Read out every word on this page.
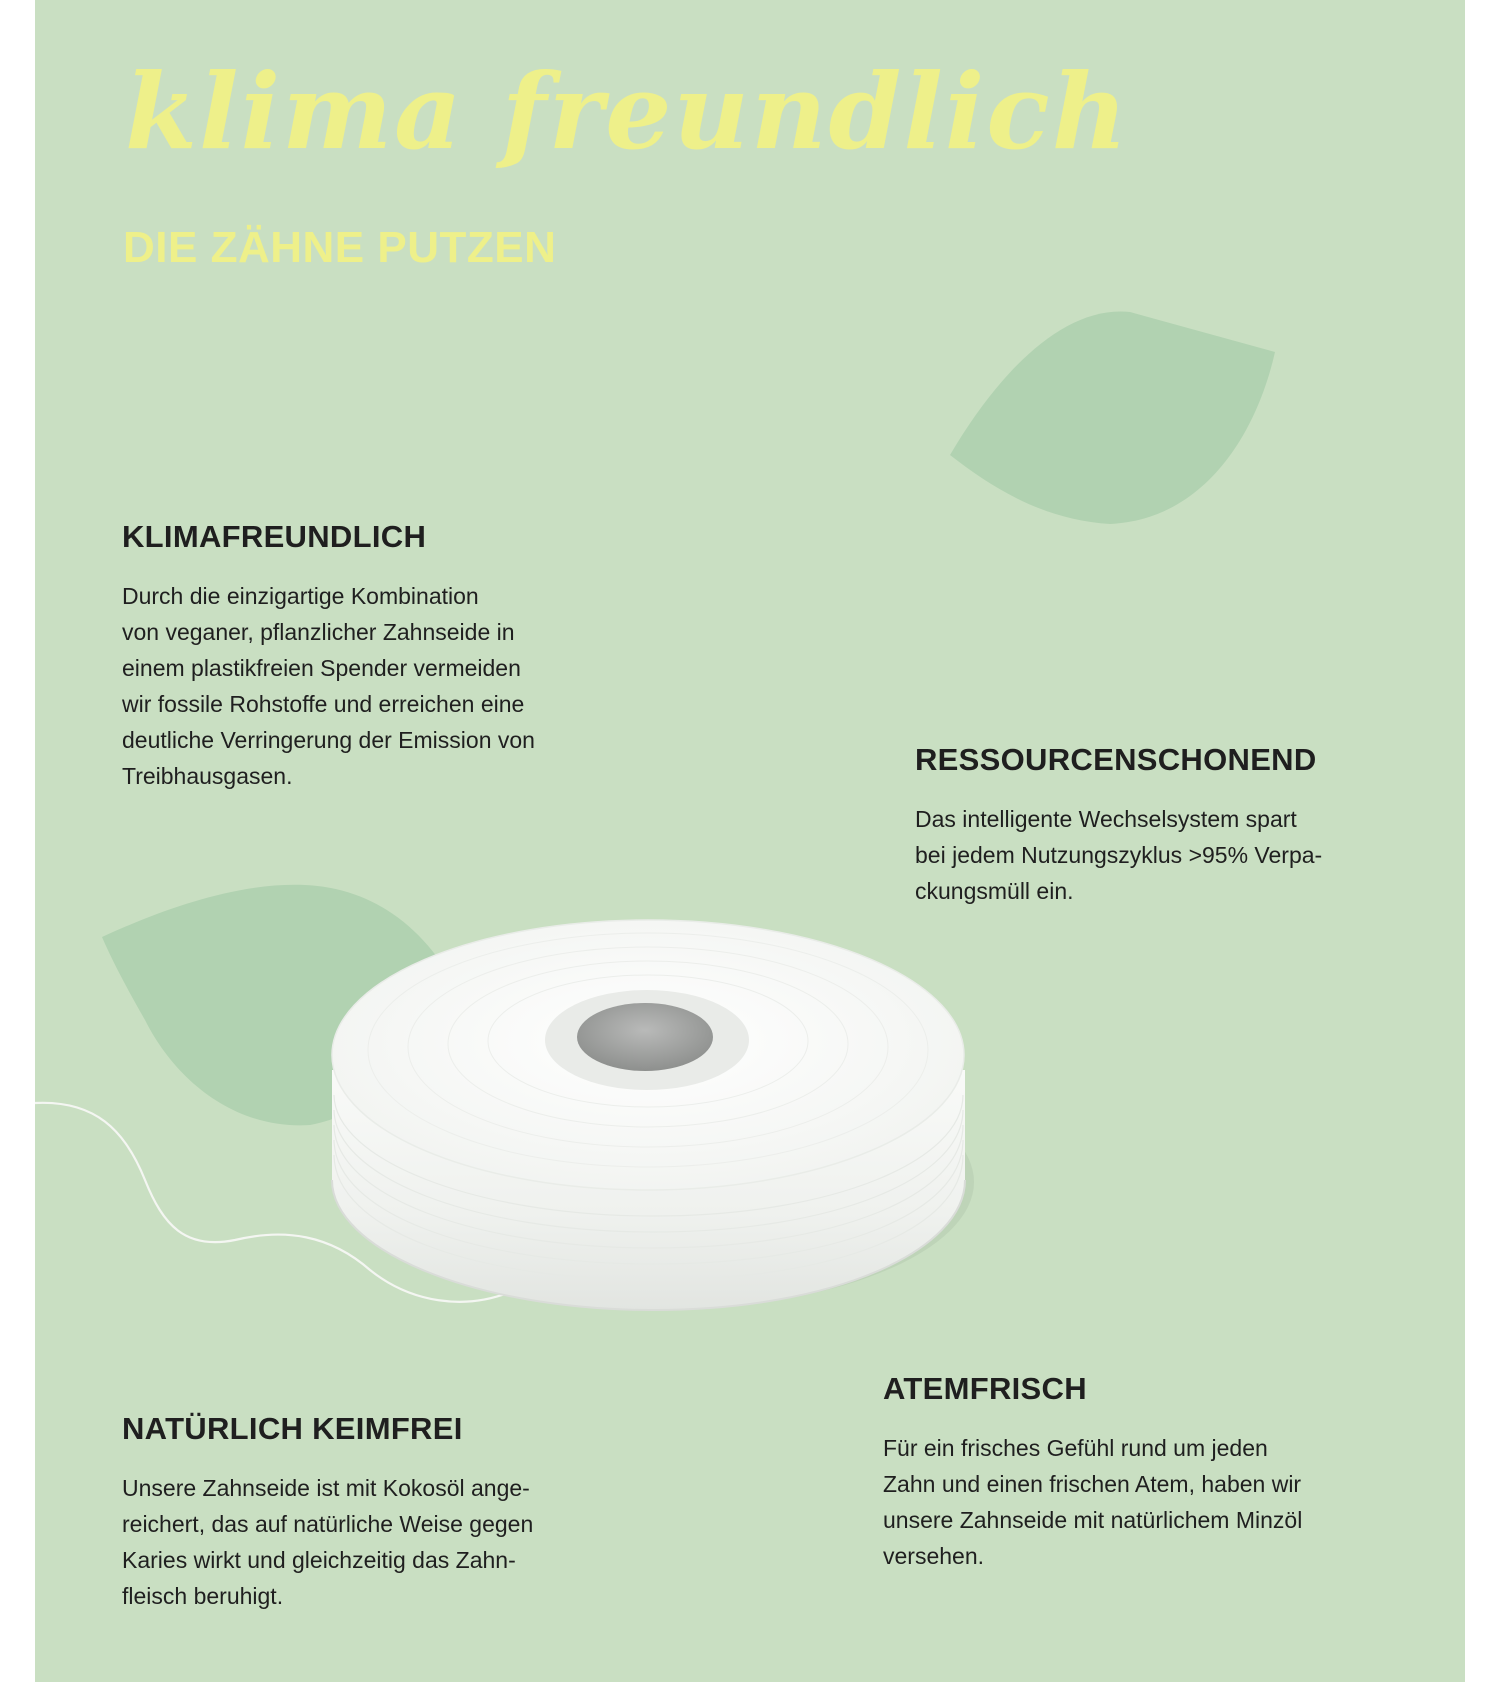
klima freundlich
DIE ZÄHNE PUTZEN
KLIMAFREUNDLICH

Durch die einzigartige Kombination
von veganer, pflanzlicher Zahnseide in
einem plastikfreien Spender vermeiden
wir fossile Rohstoffe und erreichen eine
deutliche Verringerung der Emission von
Treibhausgasen.	RESSOURCENSCHONEND

Das intelligente Wechselsystem spart
bei jedem Nutzungszyklus >95% Verpa-
ckungsmüll ein.

NATÜRLICH KEIMFREI

Unsere Zahnseide ist mit Kokosöl ange-
reichert, das auf natürliche Weise gegen
Karies wirkt und gleichzeitig das Zahn-
fleisch beruhigt.

ATEMFRISCH

Für ein frisches Gefühl rund um jeden
Zahn und einen frischen Atem, haben wir
unsere Zahnseide mit natürlichem Minzöl
versehen.
